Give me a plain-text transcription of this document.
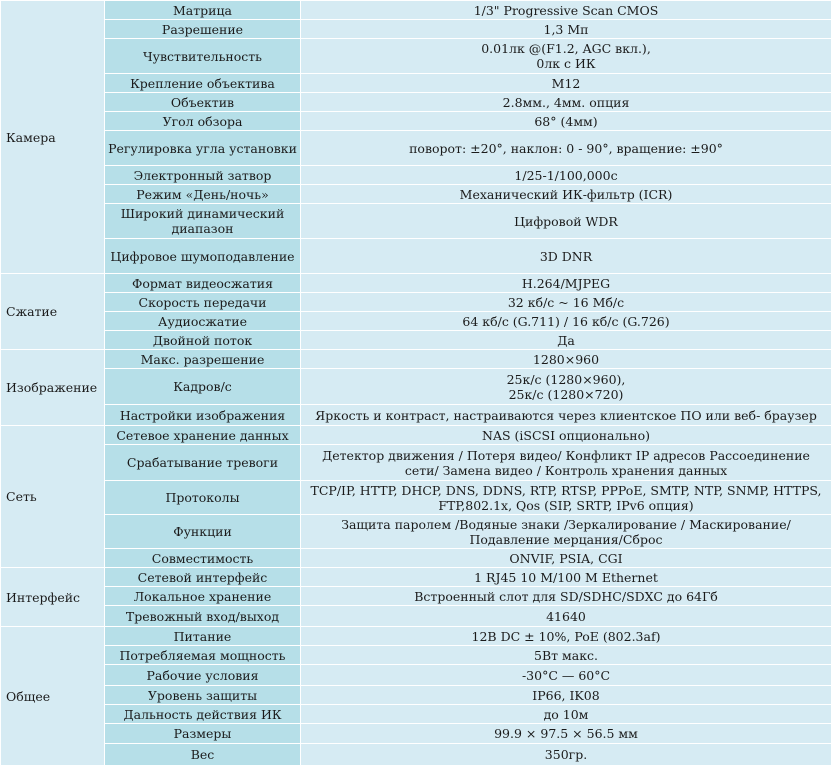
Камера	Матрица	1/3" Progressive Scan CMOS
	Разрешение	1,3 Мп
	Чувствительность	0.01лк @(F1.2, AGC вкл.),
0лк с ИК
	Крепление объектива	M12
	Объектив	2.8мм., 4мм. опция
	Угол обзора	68° (4мм)
	Регулировка угла установки	поворот: ±20°, наклон: 0 - 90°, вращение: ±90°
	Электронный затвор	1/25-1/100,000с
	Режим «День/ночь»	Механический ИК-фильтр (ICR)
	Широкий динамический диапазон	Цифровой WDR
	Цифровое шумоподавление	3D DNR
Сжатие	Формат видеосжатия	H.264/MJPEG
	Скорость передачи	32 кб/с ~ 16 Мб/с
	Аудиосжатие	64 кб/с (G.711) / 16 кб/с (G.726)
	Двойной поток	Да
Изображение	Макс. разрешение	1280×960
	Кадров/с	25к/с (1280×960),
25к/с (1280×720)
	Настройки изображения	Яркость и контраст, настраиваются через клиентское ПО или веб- браузер
Сеть	Сетевое хранение данных	NAS (iSCSI опционально)
	Срабатывание тревоги	Детектор движения / Потеря видео/ Конфликт IP адресов Рассоединение сети/ Замена видео / Контроль хранения данных
	Протоколы	TCP/IP, HTTP, DHCP, DNS, DDNS, RTP, RTSP, PPPoE, SMTP, NTP, SNMP, HTTPS, FTP,802.1x, Qos (SIP, SRTP, IPv6 опция)
	Функции	Защита паролем /Водяные знаки /Зеркалирование / Маскирование/ Подавление мерцания/Сброс
	Совместимость	ONVIF, PSIA, CGI
Интерфейс	Сетевой интерфейс	1 RJ45 10 M/100 M Ethernet
	Локальное хранение	Встроенный слот для SD/SDHC/SDXC до 64Гб
	Тревожный вход/выход	41640
Общее	Питание	12В DC ± 10%, PoE (802.3af)
	Потребляемая мощность	5Вт макс.
	Рабочие условия	-30°C — 60°C
	Уровень защиты	IP66, IK08
	Дальность действия ИК	до 10м
	Размеры	99.9 × 97.5 × 56.5 мм
	Вес	350гр.
